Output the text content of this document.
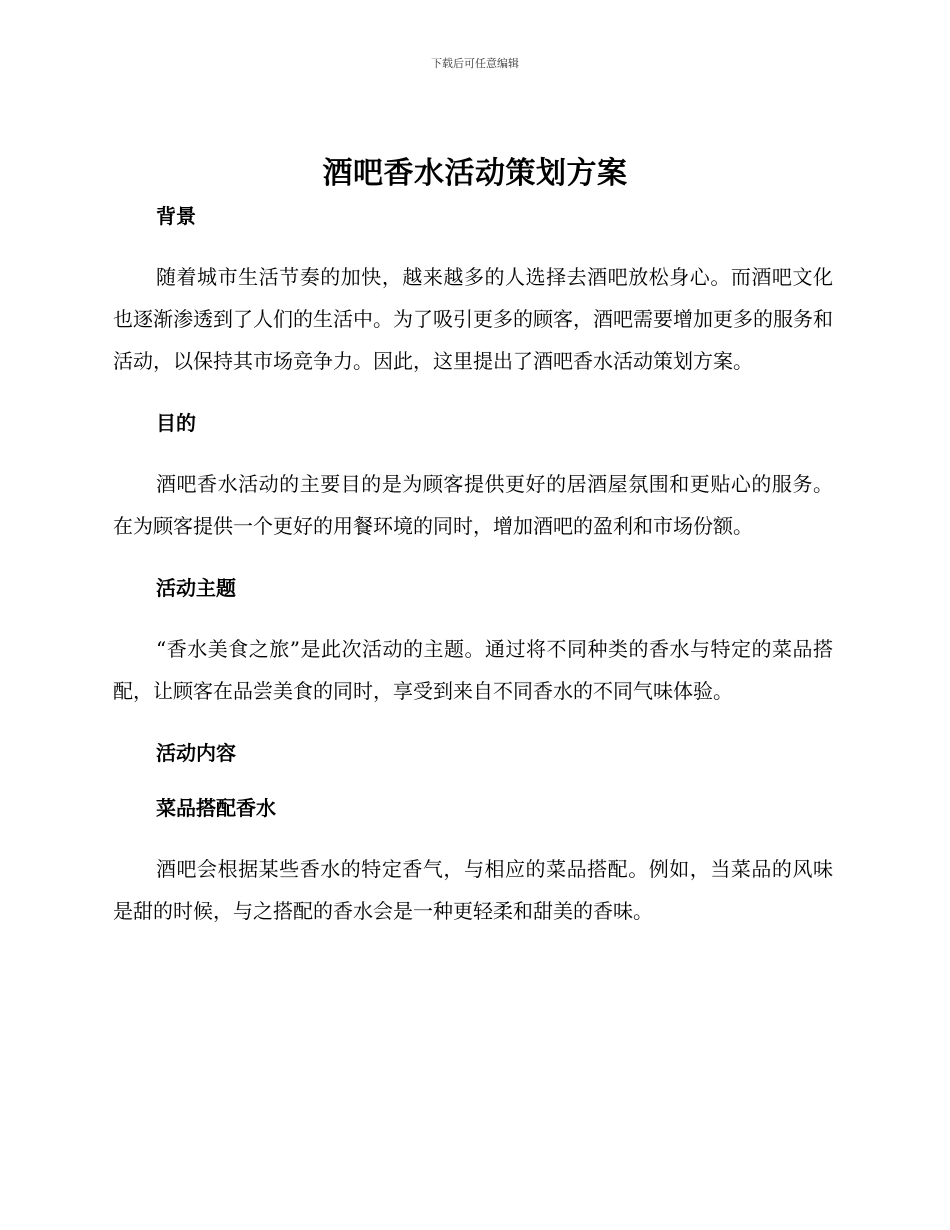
下载后可任意编辑
酒吧香水活动策划方案
背景

随着城市生活节奏的加快，越来越多的人选择去酒吧放松身心。而酒吧文化也逐渐渗透到了人们的生活中。为了吸引更多的顾客，酒吧需要增加更多的服务和活动，以保持其市场竞争力。因此，这里提出了酒吧香水活动策划方案。

目的

酒吧香水活动的主要目的是为顾客提供更好的居酒屋氛围和更贴心的服务。在为顾客提供一个更好的用餐环境的同时，增加酒吧的盈利和市场份额。

活动主题

“香水美食之旅”是此次活动的主题。通过将不同种类的香水与特定的菜品搭配，让顾客在品尝美食的同时，享受到来自不同香水的不同气味体验。

活动内容
菜品搭配香水

酒吧会根据某些香水的特定香气，与相应的菜品搭配。例如，当菜品的风味是甜的时候，与之搭配的香水会是一种更轻柔和甜美的香味。
